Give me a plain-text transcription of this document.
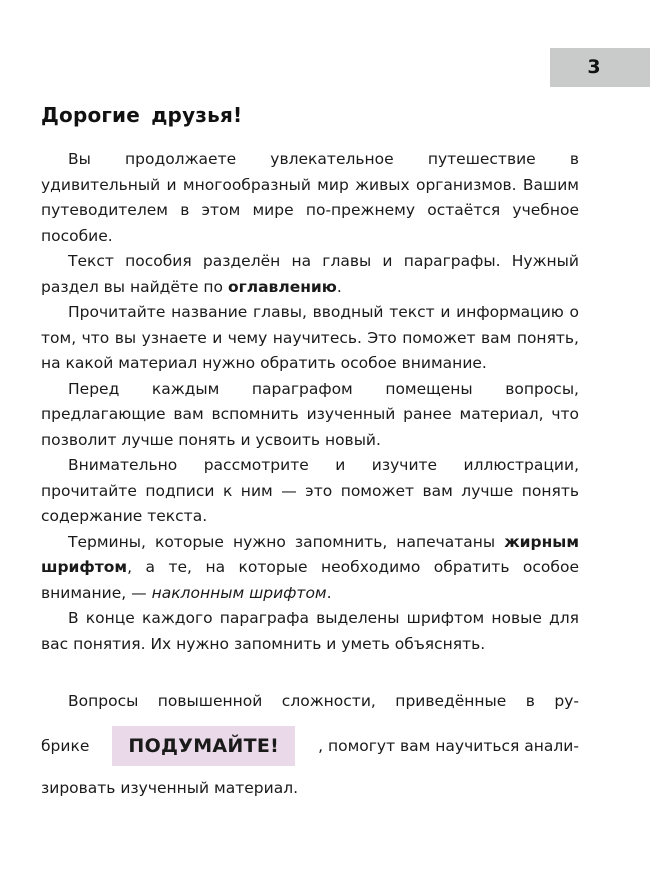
3
Дорогие друзья!

Вы продолжаете увлекательное путешествие в удивительный и многообразный мир живых организмов. Вашим путеводителем в этом мире по-прежнему остаётся учебное пособие.

Текст пособия разделён на главы и параграфы. Нужный раздел вы найдёте по оглавлению.

Прочитайте название главы, вводный текст и информацию о том, что вы узнаете и чему научитесь. Это поможет вам понять, на какой материал нужно обратить особое внимание.

Перед каждым параграфом помещены вопросы, предлагающие вам вспомнить изученный ранее материал, что позволит лучше понять и усвоить новый.

Внимательно рассмотрите и изучите иллюстрации, прочитайте подписи к ним — это поможет вам лучше понять содержание текста.

Термины, которые нужно запомнить, напечатаны жирным шрифтом, а те, на которые необходимо обратить особое внимание, — наклонным шрифтом.

В конце каждого параграфа выделены шрифтом новые для вас понятия. Их нужно запомнить и уметь объяснять.

Вопросы повышенной сложности, приведённые в ру-
брике	ПОДУМАЙТЕ!	, помогут вам научиться анали-
зировать изученный материал.
